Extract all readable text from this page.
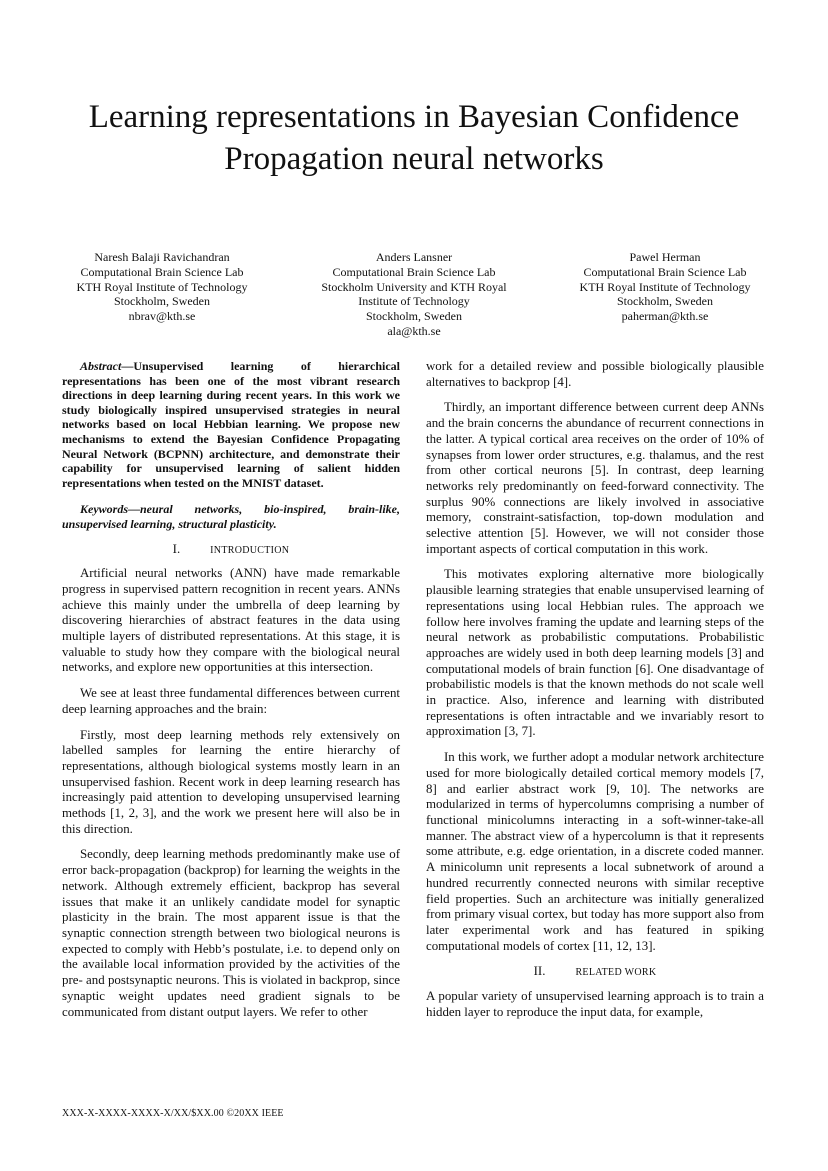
Learning representations in Bayesian Confidence
Propagation neural networks
Naresh Balaji Ravichandran
Computational Brain Science Lab
KTH Royal Institute of Technology
Stockholm, Sweden
nbrav@kth.se
Anders Lansner
Computational Brain Science Lab
Stockholm University and KTH Royal
Institute of Technology
Stockholm, Sweden
ala@kth.se
Pawel Herman
Computational Brain Science Lab
KTH Royal Institute of Technology
Stockholm, Sweden
paherman@kth.se

Abstract—Unsupervised learning of hierarchical representations has been one of the most vibrant research directions in deep learning during recent years. In this work we study biologically inspired unsupervised strategies in neural networks based on local Hebbian learning. We propose new mechanisms to extend the Bayesian Confidence Propagating Neural Network (BCPNN) architecture, and demonstrate their capability for unsupervised learning of salient hidden representations when tested on the MNIST dataset.

Keywords—neural networks, bio-inspired, brain-like, unsupervised learning, structural plasticity.

I.	INTRODUCTION

Artificial neural networks (ANN) have made remarkable progress in supervised pattern recognition in recent years. ANNs achieve this mainly under the umbrella of deep learning by discovering hierarchies of abstract features in the data using multiple layers of distributed representations. At this stage, it is valuable to study how they compare with the biological neural networks, and explore new opportunities at this intersection.

We see at least three fundamental differences between current deep learning approaches and the brain:

Firstly, most deep learning methods rely extensively on labelled samples for learning the entire hierarchy of representations, although biological systems mostly learn in an unsupervised fashion. Recent work in deep learning research has increasingly paid attention to developing unsupervised learning methods [1, 2, 3], and the work we present here will also be in this direction.

Secondly, deep learning methods predominantly make use of error back-propagation (backprop) for learning the weights in the network. Although extremely efficient, backprop has several issues that make it an unlikely candidate model for synaptic plasticity in the brain. The most apparent issue is that the synaptic connection strength between two biological neurons is expected to comply with Hebb’s postulate, i.e. to depend only on the available local information provided by the activities of the pre- and postsynaptic neurons. This is violated in backprop, since synaptic weight updates need gradient signals to be communicated from distant output layers. We refer to other

work for a detailed review and possible biologically plausible alternatives to backprop [4].

Thirdly, an important difference between current deep ANNs and the brain concerns the abundance of recurrent connections in the latter. A typical cortical area receives on the order of 10% of synapses from lower order structures, e.g. thalamus, and the rest from other cortical neurons [5]. In contrast, deep learning networks rely predominantly on feed-forward connectivity. The surplus 90% connections are likely involved in associative memory, constraint-satisfaction, top-down modulation and selective attention [5]. However, we will not consider those important aspects of cortical computation in this work.

This motivates exploring alternative more biologically plausible learning strategies that enable unsupervised learning of representations using local Hebbian rules. The approach we follow here involves framing the update and learning steps of the neural network as probabilistic computations. Probabilistic approaches are widely used in both deep learning models [3] and computational models of brain function [6]. One disadvantage of probabilistic models is that the known methods do not scale well in practice. Also, inference and learning with distributed representations is often intractable and we invariably resort to approximation [3, 7].

In this work, we further adopt a modular network architecture used for more biologically detailed cortical memory models [7, 8] and earlier abstract work [9, 10]. The networks are modularized in terms of hypercolumns comprising a number of functional minicolumns interacting in a soft-winner-take-all manner. The abstract view of a hypercolumn is that it represents some attribute, e.g. edge orientation, in a discrete coded manner. A minicolumn unit represents a local subnetwork of around a hundred recurrently connected neurons with similar receptive field properties. Such an architecture was initially generalized from primary visual cortex, but today has more support also from later experimental work and has featured in spiking computational models of cortex [11, 12, 13].

II.	RELATED WORK

A popular variety of unsupervised learning approach is to train a hidden layer to reproduce the input data, for example,

XXX-X-XXXX-XXXX-X/XX/$XX.00 ©20XX IEEE
